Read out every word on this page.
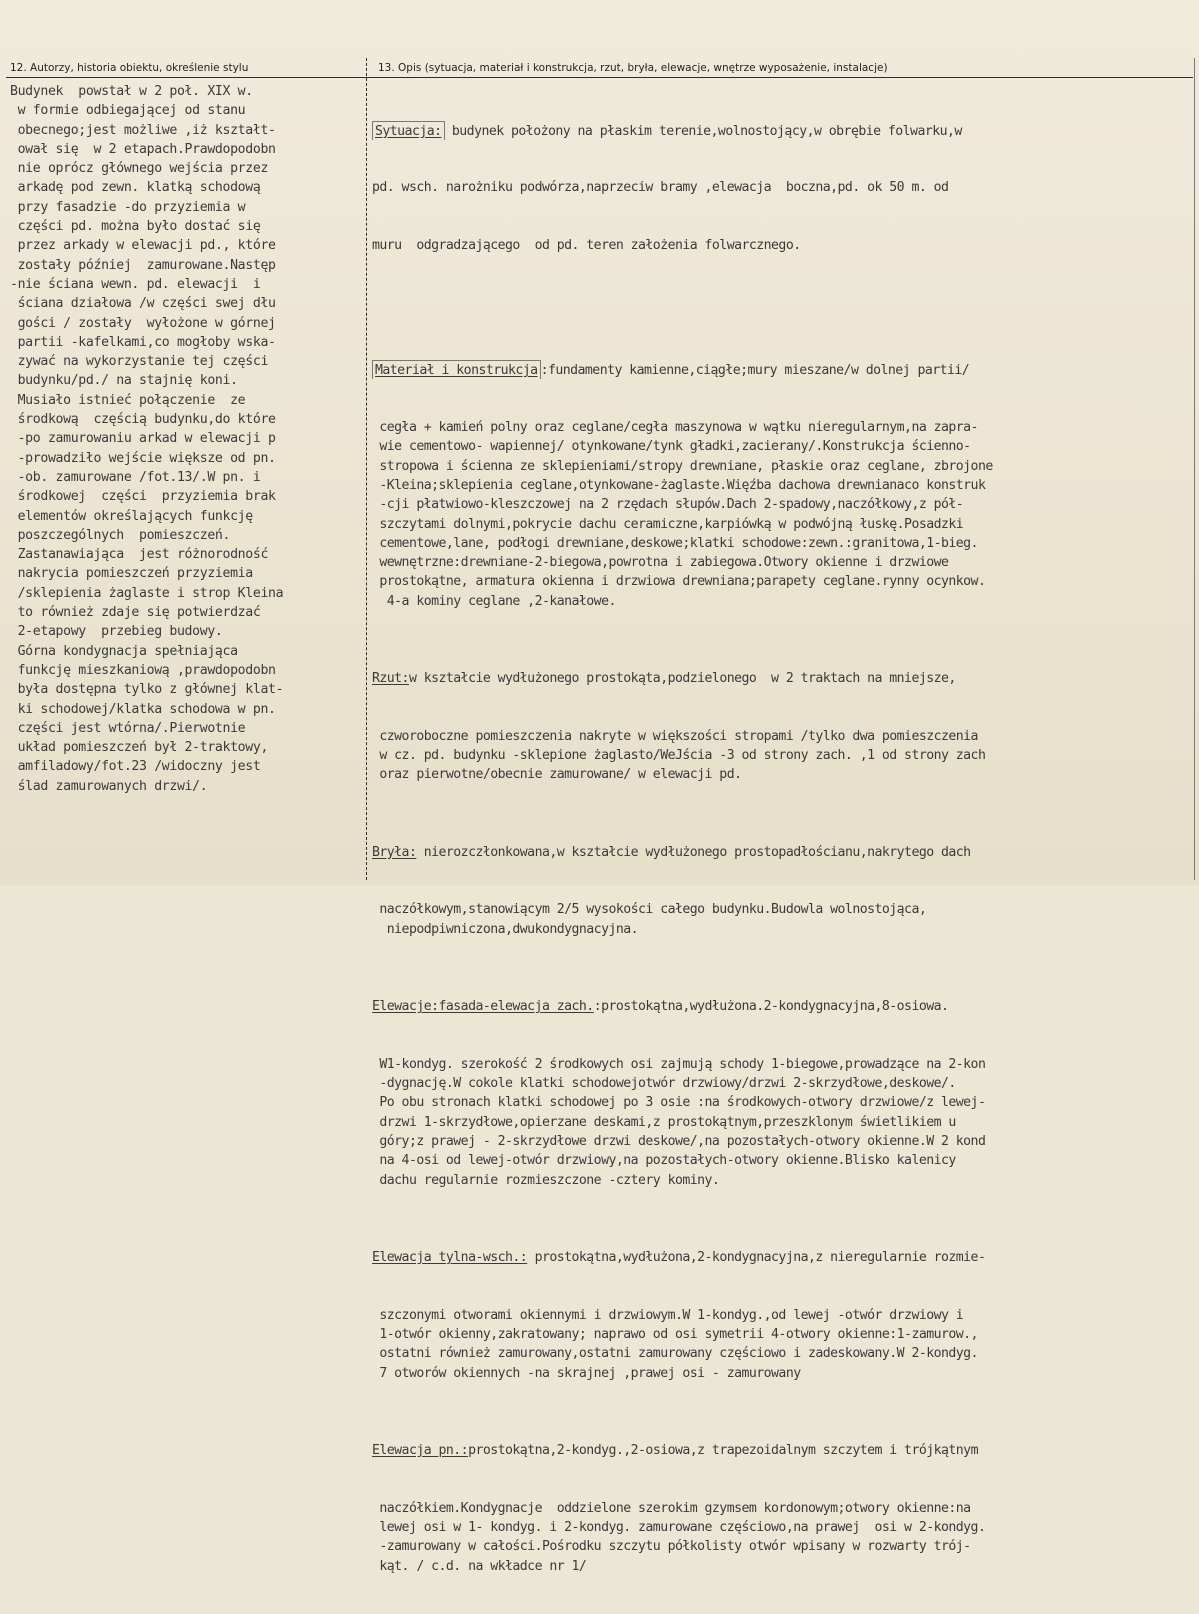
12. Autorzy, historia obiektu, określenie stylu	13. Opis (sytuacja, materiał i konstrukcja, rzut, bryła, elewacje, wnętrze wyposażenie, instalacje)
Budynek  powstał w 2 poł. XIX w.
w formie odbiegającej od stanu
obecnego;jest możliwe ,iż kształt-
ował się  w 2 etapach.Prawdopodobn
nie oprócz głównego wejścia przez
arkadę pod zewn. klatką schodową
przy fasadzie -do przyziemia w
części pd. można było dostać się
przez arkady w elewacji pd., które
zostały później  zamurowane.Następ
-nie ściana wewn. pd. elewacji  i
ściana działowa /w części swej dłu
gości / zostały  wyłożone w górnej
partii -kafelkami,co mogłoby wska-
zywać na wykorzystanie tej części
budynku/pd./ na stajnię koni.
Musiało istnieć połączenie  ze
środkową  częścią budynku,do które
-po zamurowaniu arkad w elewacji p
-prowadziło wejście większe od pn.
-ob. zamurowane /fot.13/.W pn. i
środkowej  części  przyziemia brak
elementów określających funkcję
poszczególnych  pomieszczeń.
Zastanawiająca  jest różnorodność
nakrycia pomieszczeń przyziemia
/sklepienia żaglaste i strop Kleina
to również zdaje się potwierdzać
2-etapowy  przebieg budowy.
Górna kondygnacja spełniająca
funkcję mieszkaniową ,prawdopodobn
była dostępna tylko z głównej klat-
ki schodowej/klatka schodowa w pn.
części jest wtórna/.Pierwotnie
układ pomieszczeń był 2-traktowy,
amfiladowy/fot.23 /widoczny jest
ślad zamurowanych drzwi/.

Sytuacja: budynek położony na płaskim terenie,wolnostojący,w obrębie folwarku,w

pd. wsch. narożniku podwórza,naprzeciw bramy ,elewacja  boczna,pd. ok 50 m. od

muru  odgradzającego  od pd. teren założenia folwarcznego.

Materiał i konstrukcja :fundamenty kamienne,ciągłe;mury mieszane/w dolnej partii/

cegła + kamień polny oraz ceglane/cegła maszynowa w wątku nieregularnym,na zapra-
wie cementowo- wapiennej/ otynkowane/tynk gładki,zacierany/.Konstrukcja ścienno-
stropowa i ścienna ze sklepieniami/stropy drewniane, płaskie oraz ceglane, zbrojone
-Kleina;sklepienia ceglane,otynkowane-żaglaste.Więźba dachowa drewnianaco konstruk
-cji płatwiowo-kleszczowej na 2 rzędach słupów.Dach 2-spadowy,naczółkowy,z pół-
szczytami dolnymi,pokrycie dachu ceramiczne,karpiówką w podwójną łuskę.Posadzki
cementowe,lane, podłogi drewniane,deskowe;klatki schodowe:zewn.:granitowa,1-bieg.
wewnętrzne:drewniane-2-biegowa,powrotna i zabiegowa.Otwory okienne i drzwiowe
prostokątne, armatura okienna i drzwiowa drewniana;parapety ceglane.rynny ocynkow.
4-a kominy ceglane ,2-kanałowe.

Rzut:w kształcie wydłużonego prostokąta,podzielonego  w 2 traktach na mniejsze,

czworoboczne pomieszczenia nakryte w większości stropami /tylko dwa pomieszczenia
w cz. pd. budynku -sklepione żaglasto/WeJścia -3 od strony zach. ,1 od strony zach
oraz pierwotne/obecnie zamurowane/ w elewacji pd.

Bryła: nierozczłonkowana,w kształcie wydłużonego prostopadłościanu,nakrytego dach

naczółkowym,stanowiącym 2/5 wysokości całego budynku.Budowla wolnostojąca,
niepodpiwniczona,dwukondygnacyjna.

Elewacje:fasada-elewacja zach.:prostokątna,wydłużona.2-kondygnacyjna,8-osiowa.

W1-kondyg. szerokość 2 środkowych osi zajmują schody 1-biegowe,prowadzące na 2-kon
-dygnację.W cokole klatki schodowejotwór drzwiowy/drzwi 2-skrzydłowe,deskowe/.
Po obu stronach klatki schodowej po 3 osie :na środkowych-otwory drzwiowe/z lewej-
drzwi 1-skrzydłowe,opierzane deskami,z prostokątnym,przeszklonym świetlikiem u
góry;z prawej - 2-skrzydłowe drzwi deskowe/,na pozostałych-otwory okienne.W 2 kond
na 4-osi od lewej-otwór drzwiowy,na pozostałych-otwory okienne.Blisko kalenicy
dachu regularnie rozmieszczone -cztery kominy.

Elewacja tylna-wsch.: prostokątna,wydłużona,2-kondygnacyjna,z nieregularnie rozmie-

szczonymi otworami okiennymi i drzwiowym.W 1-kondyg.,od lewej -otwór drzwiowy i
1-otwór okienny,zakratowany; naprawo od osi symetrii 4-otwory okienne:1-zamurow.,
ostatni również zamurowany,ostatni zamurowany częściowo i zadeskowany.W 2-kondyg.
7 otworów okiennych -na skrajnej ,prawej osi - zamurowany

Elewacja pn.:prostokątna,2-kondyg.,2-osiowa,z trapezoidalnym szczytem i trójkątnym

naczółkiem.Kondygnacje  oddzielone szerokim gzymsem kordonowym;otwory okienne:na
lewej osi w 1- kondyg. i 2-kondyg. zamurowane częściowo,na prawej  osi w 2-kondyg.
-zamurowany w całości.Pośrodku szczytu półkolisty otwór wpisany w rozwarty trój-
kąt. / c.d. na wkładce nr 1/
